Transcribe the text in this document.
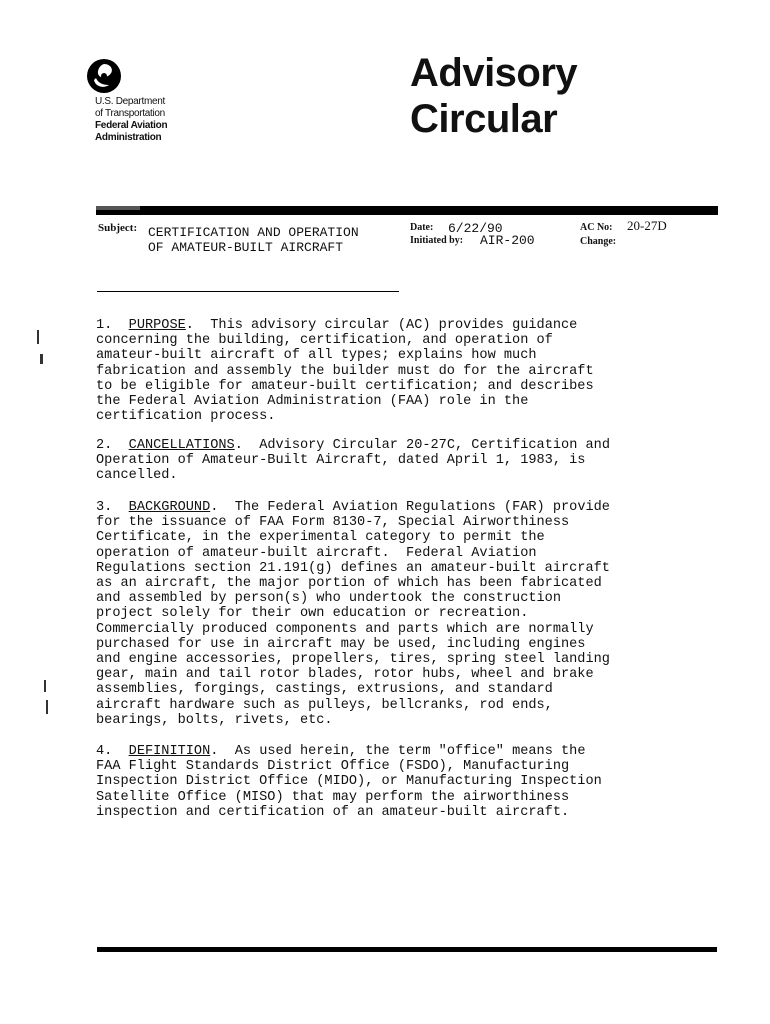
U.S. Department
of Transportation
Federal Aviation
Administration
Advisory
Circular
Subject: CERTIFICATION AND OPERATION
OF AMATEUR-BUILT AIRCRAFT
Date: 6/22/90
Initiated by: AIR-200
AC No: 20-27D
Change:
1. PURPOSE.  This advisory circular (AC) provides guidance
concerning the building, certification, and operation of
amateur-built aircraft of all types; explains how much
fabrication and assembly the builder must do for the aircraft
to be eligible for amateur-built certification; and describes
the Federal Aviation Administration (FAA) role in the
certification process.
2. CANCELLATIONS.  Advisory Circular 20-27C, Certification and
Operation of Amateur-Built Aircraft, dated April 1, 1983, is
cancelled.
3. BACKGROUND.  The Federal Aviation Regulations (FAR) provide
for the issuance of FAA Form 8130-7, Special Airworthiness
Certificate, in the experimental category to permit the
operation of amateur-built aircraft.  Federal Aviation
Regulations section 21.191(g) defines an amateur-built aircraft
as an aircraft, the major portion of which has been fabricated
and assembled by person(s) who undertook the construction
project solely for their own education or recreation.
Commercially produced components and parts which are normally
purchased for use in aircraft may be used, including engines
and engine accessories, propellers, tires, spring steel landing
gear, main and tail rotor blades, rotor hubs, wheel and brake
assemblies, forgings, castings, extrusions, and standard
aircraft hardware such as pulleys, bellcranks, rod ends,
bearings, bolts, rivets, etc.
4. DEFINITION.  As used herein, the term "office" means the
FAA Flight Standards District Office (FSDO), Manufacturing
Inspection District Office (MIDO), or Manufacturing Inspection
Satellite Office (MISO) that may perform the airworthiness
inspection and certification of an amateur-built aircraft.
